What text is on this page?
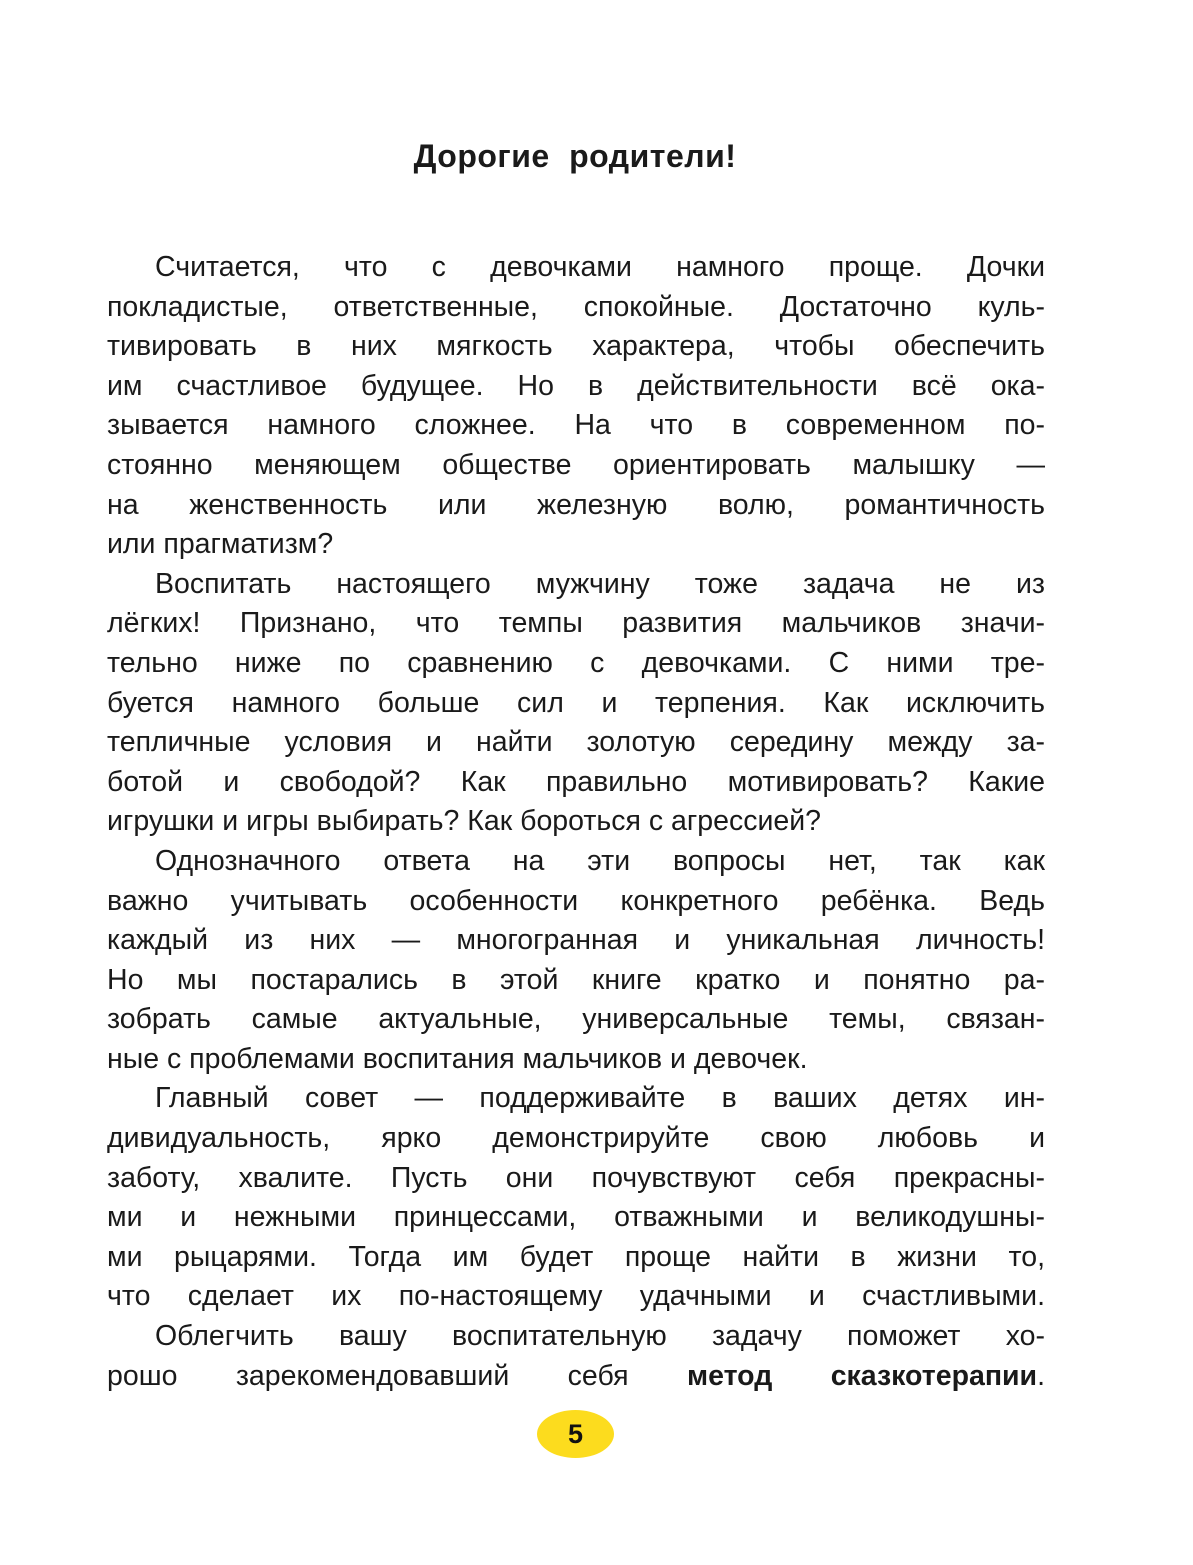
Дорогие родители!
Считается, что с девочками намного проще. Дочки
покладистые, ответственные, спокойные. Достаточно куль-
тивировать в них мягкость характера, чтобы обеспечить
им счастливое будущее. Но в действительности всё ока-
зывается намного сложнее. На что в современном по-
стоянно меняющем обществе ориентировать малышку —
на женственность или железную волю, романтичность
или прагматизм?
Воспитать настоящего мужчину тоже задача не из
лёгких! Признано, что темпы развития мальчиков значи-
тельно ниже по сравнению с девочками. С ними тре-
буется намного больше сил и терпения. Как исключить
тепличные условия и найти золотую середину между за-
ботой и свободой? Как правильно мотивировать? Какие
игрушки и игры выбирать? Как бороться с агрессией?
Однозначного ответа на эти вопросы нет, так как
важно учитывать особенности конкретного ребёнка. Ведь
каждый из них — многогранная и уникальная личность!
Но мы постарались в этой книге кратко и понятно ра-
зобрать самые актуальные, универсальные темы, связан-
ные с проблемами воспитания мальчиков и девочек.
Главный совет — поддерживайте в ваших детях ин-
дивидуальность, ярко демонстрируйте свою любовь и
заботу, хвалите. Пусть они почувствуют себя прекрасны-
ми и нежными принцессами, отважными и великодушны-
ми рыцарями. Тогда им будет проще найти в жизни то,
что сделает их по-настоящему удачными и счастливыми.
Облегчить вашу воспитательную задачу поможет хо-
рошо зарекомендовавший себя метод сказкотерапии.
5
